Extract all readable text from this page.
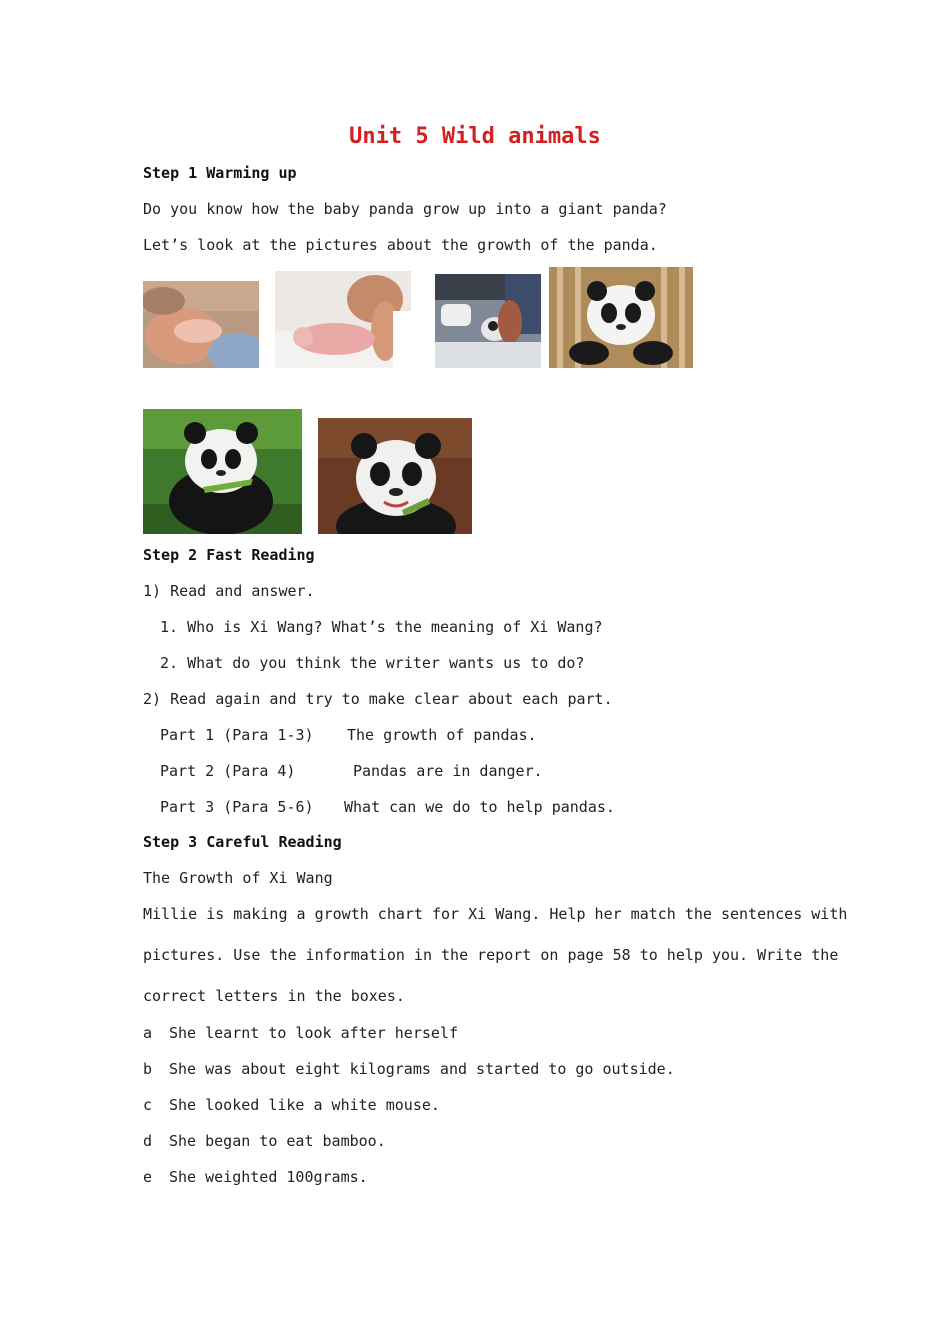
Unit 5 Wild animals
Step 1 Warming up
Do you know how the baby panda grow up into a giant panda?
Let’s look at the pictures about the growth of the panda.
Step 2 Fast Reading
1) Read and answer.
1. Who is Xi Wang? What’s the meaning of Xi Wang?
2. What do you think the writer wants us to do?
2) Read again and try to make clear about each part.
Part 1 (Para 1-3) The growth of pandas.
Part 2 (Para 4)	Pandas are in danger.
Part 3 (Para 5-6) What can we do to help pandas.
Step 3 Careful Reading
The Growth of Xi Wang
Millie is making a growth chart for Xi Wang. Help her match the sentences with
pictures. Use the information in the report on page 58 to help you. Write the
correct letters in the boxes.
a She learnt to look after herself
b She was about eight kilograms and started to go outside.
c She looked like a white mouse.
d She began to eat bamboo.
e She weighted 100grams.
